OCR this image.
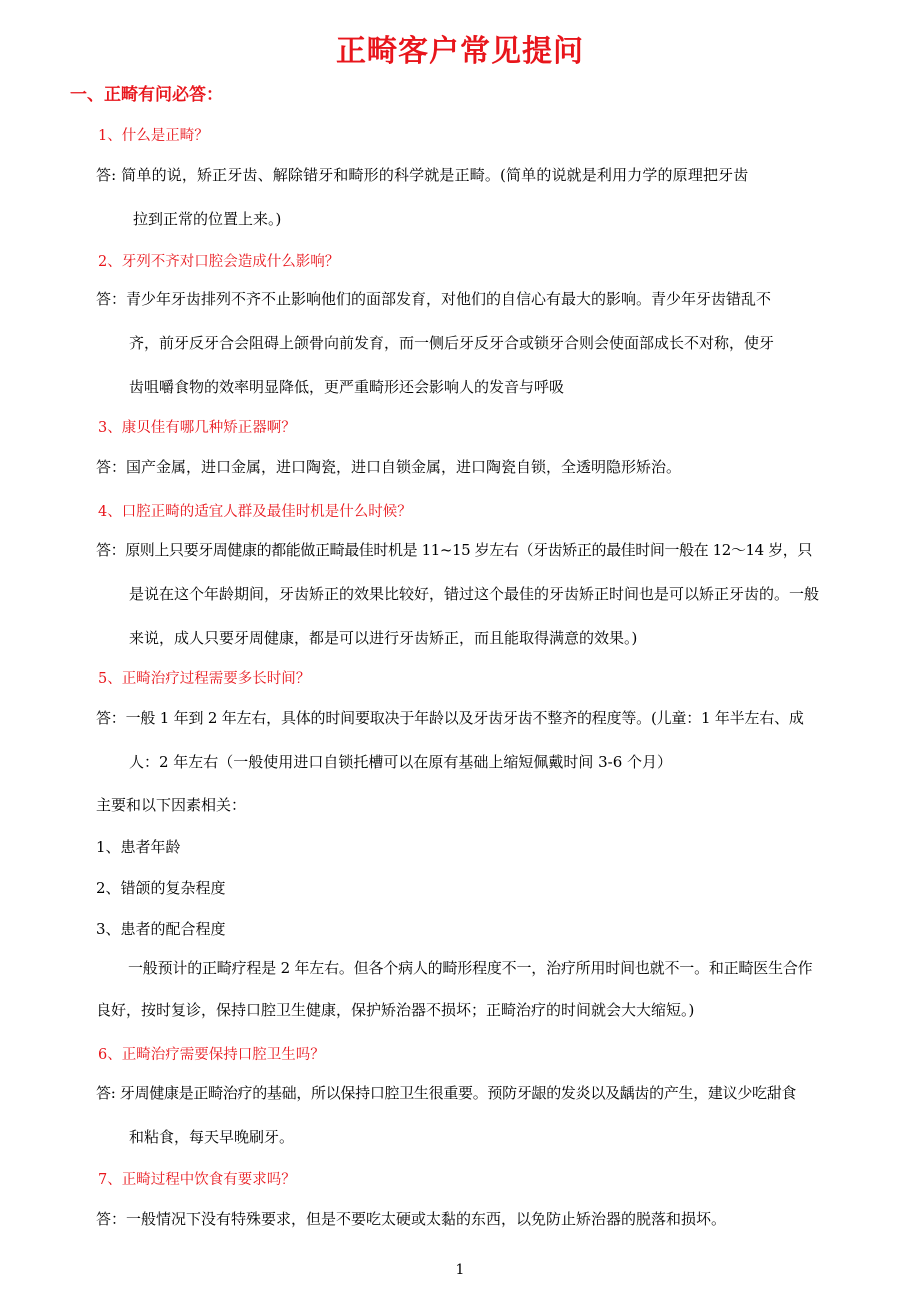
正畸客户常见提问
一、正畸有问必答：
1、什么是正畸？
答: 简单的说，矫正牙齿、解除错牙和畸形的科学就是正畸。(简单的说就是利用力学的原理把牙齿
拉到正常的位置上来。)
2、牙列不齐对口腔会造成什么影响？
答：青少年牙齿排列不齐不止影响他们的面部发育，对他们的自信心有最大的影响。青少年牙齿错乱不
齐，前牙反牙合会阻碍上颌骨向前发育，而一侧后牙反牙合或锁牙合则会使面部成长不对称，使牙
齿咀嚼食物的效率明显降低，更严重畸形还会影响人的发音与呼吸
3、康贝佳有哪几种矫正器啊？
答：国产金属，进口金属，进口陶瓷，进口自锁金属，进口陶瓷自锁，全透明隐形矫治。
4、口腔正畸的适宜人群及最佳时机是什么时候？
答：原则上只要牙周健康的都能做正畸最佳时机是 11~15 岁左右（牙齿矫正的最佳时间一般在 12～14 岁，只
是说在这个年龄期间，牙齿矫正的效果比较好，错过这个最佳的牙齿矫正时间也是可以矫正牙齿的。一般
来说，成人只要牙周健康，都是可以进行牙齿矫正，而且能取得满意的效果。)
5、正畸治疗过程需要多长时间？
答：一般 1 年到 2 年左右，具体的时间要取决于年龄以及牙齿牙齿不整齐的程度等。(儿童：1 年半左右、成
人：2 年左右（一般使用进口自锁托槽可以在原有基础上缩短佩戴时间 3-6 个月）
主要和以下因素相关：
1、患者年龄
2、错颌的复杂程度
3、患者的配合程度
一般预计的正畸疗程是 2 年左右。但各个病人的畸形程度不一，治疗所用时间也就不一。和正畸医生合作
良好，按时复诊，保持口腔卫生健康，保护矫治器不损坏；正畸治疗的时间就会大大缩短。)
6、正畸治疗需要保持口腔卫生吗？
答: 牙周健康是正畸治疗的基础，所以保持口腔卫生很重要。预防牙龈的发炎以及龋齿的产生，建议少吃甜食
和粘食，每天早晚刷牙。
7、正畸过程中饮食有要求吗？
答：一般情况下没有特殊要求，但是不要吃太硬或太黏的东西，以免防止矫治器的脱落和损坏。
1
